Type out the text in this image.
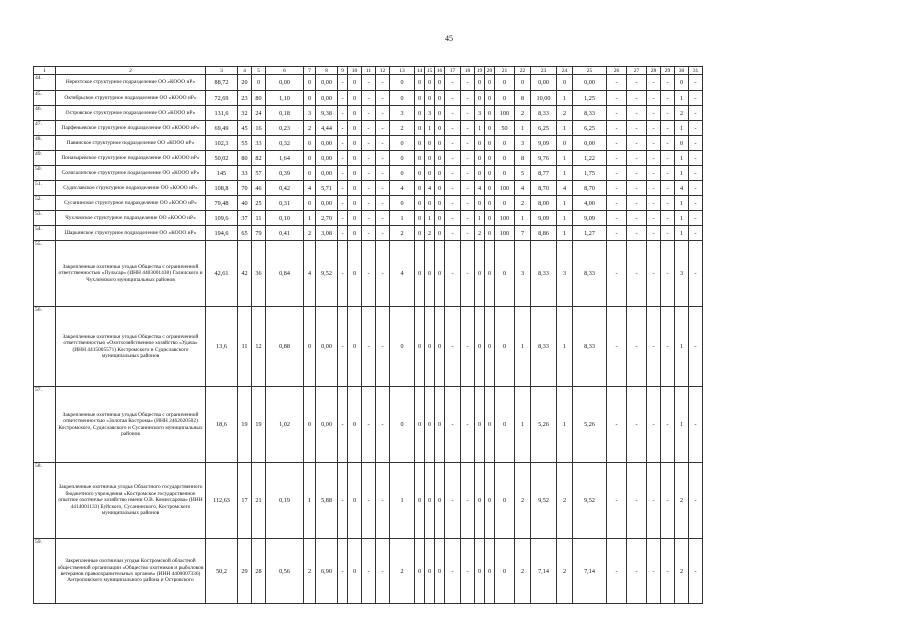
45
1	2	3	4	5	6	7	8	9	10	11	12	13	14	15	16	17	18	19	20	21	22	23	24	25	26	27	28	29	30	31
44.	Нерехтское структурное подразделение ОО «КООО иР»	88,72	20	0	0,00	0	0,00	-	0	-	-	0	0	0	0	-	-	0	0	0	0	0,00	0	0,00	-	-	-	-	0	-
45.	Октябрьское структурное подразделение ОО «КООО иР»	72,69	23	80	1,10	0	0,00	-	0	-	-	0	0	0	0	-	-	0	0	0	8	10,00	1	1,25	-	-	-	-	1	-
46.	Островское структурное подразделение ОО «КООО иР»	131,6	32	24	0,18	3	9,38	-	0	-	-	3	0	3	0	-	-	3	0	100	2	8,33	2	8,33	-	-	-	-	2	-
47.	Парфеньевское структурное подразделение ОО «КООО иР»	69,49	45	16	0,23	2	4,44	-	0	-	-	2	0	1	0	-	-	1	0	50	1	6,25	1	6,25	-	-	-	-	1	-
48.	Павинское структурное подразделение ОО «КООО иР»	102,3	55	33	0,32	0	0,00	-	0	-	-	0	0	0	0	-	-	0	0	0	3	9,09	0	0,00	-	-	-	-	0	-
49.	Поназыревское структурное подразделение ОО «КООО иР»	50,02	80	82	1,64	0	0,00	-	0	-	-	0	0	0	0	-	-	0	0	0	8	9,76	1	1,22	-	-	-	-	1	-
50.	Солигаличское структурное подразделение ОО «КООО иР»	145	33	57	0,39	0	0,00	-	0	-	-	0	0	0	0	-	-	0	0	0	5	8,77	1	1,75	-	-	-	-	1	-
51.	Судиславское структурное подразделение ОО «КООО иР»	108,8	70	46	0,42	4	5,71	-	0	-	-	4	0	4	0	-	-	4	0	100	4	8,70	4	8,70	-	-	-	-	4	-
52.	Сусанинское структурное подразделение ОО «КООО иР»	79,48	40	25	0,31	0	0,00	-	0	-	-	0	0	0	0	-	-	0	0	0	2	8,00	1	4,00	-	-	-	-	1	-
53.	Чухломское структурное подразделение ОО «КООО иР»	109,6	37	11	0,10	1	2,70	-	0	-	-	1	0	1	0	-	-	1	0	100	1	9,09	1	9,09	-	-	-	-	1	-
54.	Шарьинское структурное подразделение ОО «КООО иР»	194,6	65	79	0,41	2	3,08	-	0	-	-	2	0	2	0	-	-	2	0	100	7	8,86	1	1,27	-	-	-	-	1	-
55.	Закрепленные охотничьи угодья Общества с ограниченной ответственностью «Пульсар» (ИНН 4403001438) Галичского и Чухломского муниципальных районов	42,61	42	36	0,84	4	9,52	-	0	-	-	4	0	0	0	-	-	0	0	0	3	8,33	3	8,33	-	-	-	-	3	-
56.	Закрепленные охотничьи угодья Общества с ограниченной ответственностью «Охотхозяйственное хозяйство «Удача» (ИНН 4415005571) Костромского и Судиславского муниципальных районов	13,6	11	12	0,88	0	0,00	-	0	-	-	0	0	0	0	-	-	0	0	0	1	8,33	1	8,33	-	-	-	-	1	-
57.	Закрепленные охотничьи угодья Общества с ограниченной ответственностью «Золотая Кострома» (ИНН 2462020502) Костромского, Судиславского и Сусанинского муниципальных районов	18,6	19	19	1,02	0	0,00	-	0	-	-	0	0	0	0	-	-	0	0	0	1	5,26	1	5,26	-	-	-	-	1	-
58.	Закрепленные охотничьи угодья Областного государственного бюджетного учреждения «Костромское государственное опытное охотничье хозяйство имени О.В. Комиссарова» (ИНН 4414001133) Буйского, Сусанинского, Костромского муниципальных районов	112,63	17	21	0,19	1	5,88	-	0	-	-	1	0	0	0	-	-	0	0	0	2	9,52	2	9,52	-	-	-	-	2	-
59.	Закрепленные охотничьи угодья Костромской областной общественной организации «Общество охотников и рыболовов ветеранов правоохранительных органов» (ИНН 4400007336) Антроповского муниципального района и Островского	50,2	29	28	0,56	2	6,90	-	0	-	-	2	0	0	0	-	-	0	0	0	2	7,14	2	7,14	-	-	-	-	2	-
